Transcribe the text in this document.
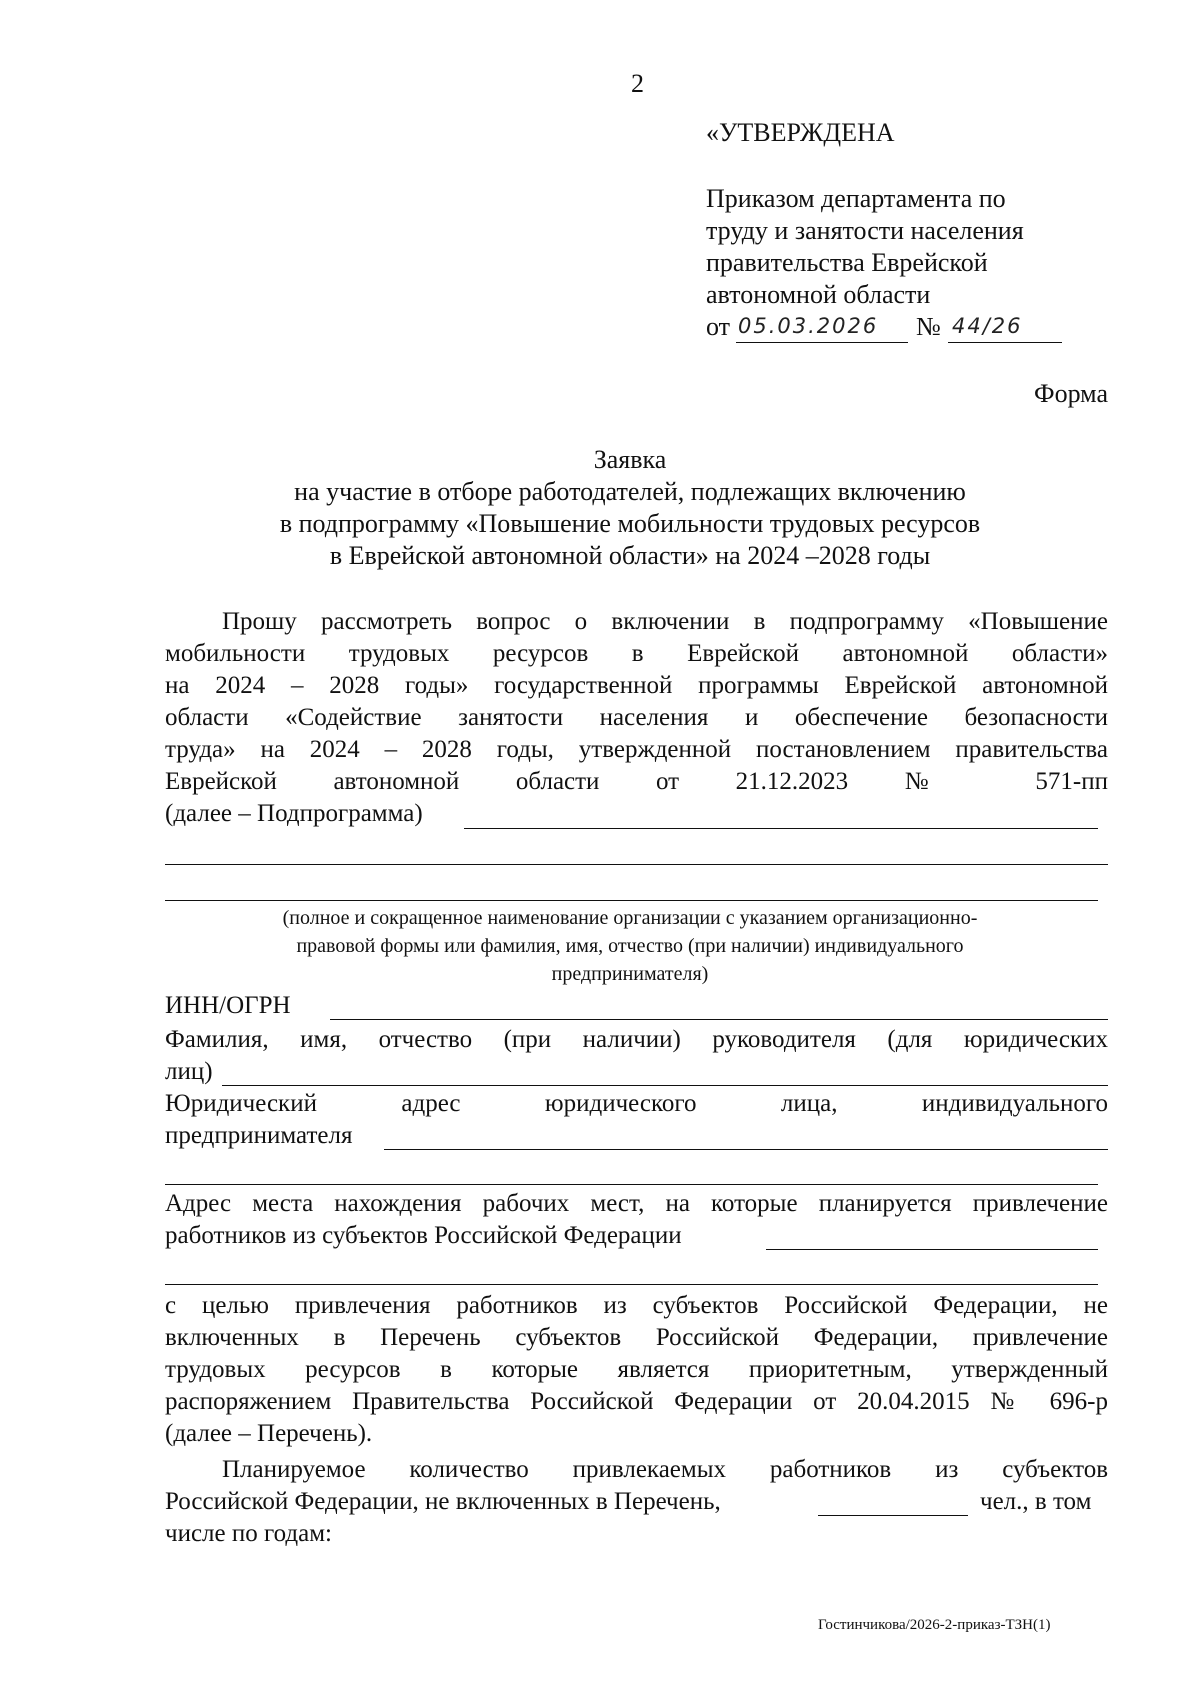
2
«УТВЕРЖДЕНА
Приказом департамента по
труду и занятости населения
правительства Еврейской
автономной области
от 05.03.2026 № 44/26
Форма
Заявка
на участие в отборе работодателей, подлежащих включению
в подпрограмму «Повышение мобильности трудовых ресурсов
в Еврейской автономной области» на 2024 –2028 годы
Прошу рассмотреть вопрос о включении в подпрограмму «Повышение
мобильности трудовых ресурсов в Еврейской автономной области»
на 2024 – 2028 годы» государственной программы Еврейской автономной
области «Содействие занятости населения и обеспечение безопасности
труда» на 2024 – 2028 годы, утвержденной постановлением правительства
Еврейской автономной области от 21.12.2023 № 571-пп
(далее – Подпрограмма)
(полное и сокращенное наименование организации с указанием организационно-
правовой формы или фамилия, имя, отчество (при наличии) индивидуального
предпринимателя)
ИНН/ОГРН
Фамилия, имя, отчество (при наличии) руководителя (для юридических
лиц)
Юридический адрес юридического лица, индивидуального
предпринимателя
Адрес места нахождения рабочих мест, на которые планируется привлечение
работников из субъектов Российской Федерации
с целью привлечения работников из субъектов Российской Федерации, не
включенных в Перечень субъектов Российской Федерации, привлечение
трудовых ресурсов в которые является приоритетным, утвержденный
распоряжением Правительства Российской Федерации от 20.04.2015 № 696-р
(далее – Перечень).
Планируемое количество привлекаемых работников из субъектов
Российской Федерации, не включенных в Перечень,	чел., в том
числе по годам:
Гостинчикова/2026-2-приказ-ТЗН(1)
